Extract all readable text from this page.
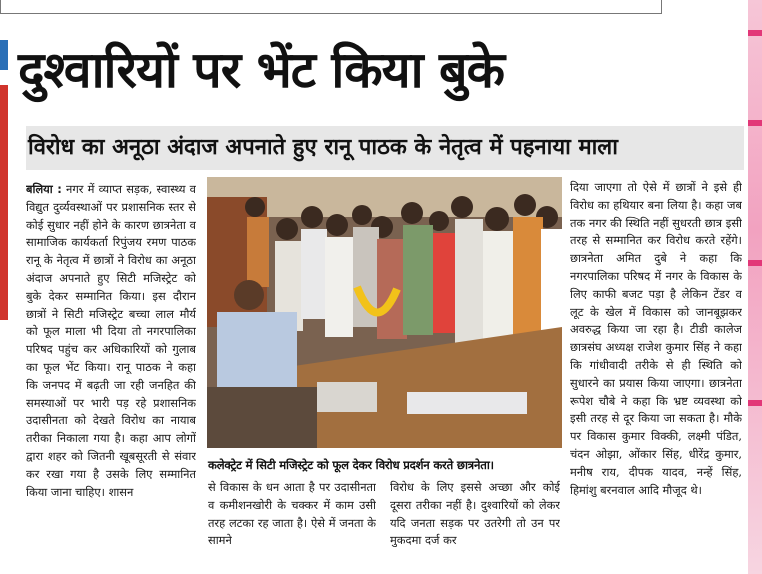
दुश्वारियों पर भेंट किया बुके
विरोध का अनूठा अंदाज अपनाते हुए रानू पाठक के नेतृत्व में पहनाया माला
बलिया : नगर में व्याप्त सड़क, स्वास्थ्य व विद्युत दुर्व्यवस्थाओं पर प्रशासनिक स्तर से कोई सुधार नहीं होने के कारण छात्रनेता व सामाजिक कार्यकर्ता रिपुंजय रमण पाठक रानू के नेतृत्व में छात्रों ने विरोध का अनूठा अंदाज अपनाते हुए सिटी मजिस्ट्रेट को बुके देकर सम्मानित किया। इस दौरान छात्रों ने सिटी मजिस्ट्रेट बच्चा लाल मौर्य को फूल माला भी दिया तो नगरपालिका परिषद पहुंच कर अधिकारियों को गुलाब का फूल भेंट किया। रानू पाठक ने कहा कि जनपद में बढ़ती जा रही जनहित की समस्याओं पर भारी पड़ रहे प्रशासनिक उदासीनता को देखते विरोध का नायाब तरीका निकाला गया है। कहा आप लोगों द्वारा शहर को जितनी खूबसूरती से संवार कर रखा गया है उसके लिए सम्मानित किया जाना चाहिए। शासन
कलेक्ट्रेट में सिटी मजिस्ट्रेट को फूल देकर विरोध प्रदर्शन करते छात्रनेता।
से विकास के धन आता है पर उदासीनता व कमीशनखोरी के चक्कर में काम उसी तरह लटका रह जाता है। ऐसे में जनता के सामने
विरोध के लिए इससे अच्छा और कोई दूसरा तरीका नहीं है। दुश्वारियों को लेकर यदि जनता सड़क पर उतरेगी तो उन पर मुकदमा दर्ज कर
दिया जाएगा तो ऐसे में छात्रों ने इसे ही विरोध का हथियार बना लिया है। कहा जब तक नगर की स्थिति नहीं सुधरती छात्र इसी तरह से सम्मानित कर विरोध करते रहेंगे। छात्रनेता अमित दुबे ने कहा कि नगरपालिका परिषद में नगर के विकास के लिए काफी बजट पड़ा है लेकिन टेंडर व लूट के खेल में विकास को जानबूझकर अवरुद्ध किया जा रहा है। टीडी कालेज छात्रसंघ अध्यक्ष राजेश कुमार सिंह ने कहा कि गांधीवादी तरीके से ही स्थिति को सुधारने का प्रयास किया जाएगा। छात्रनेता रूपेश चौबे ने कहा कि भ्रष्ट व्यवस्था को इसी तरह से दूर किया जा सकता है। मौके पर विकास कुमार विक्की, लक्ष्मी पंडित, चंदन ओझा, ओंकार सिंह, धीरेंद्र कुमार, मनीष राय, दीपक यादव, नन्हें सिंह, हिमांशु बरनवाल आदि मौजूद थे।
